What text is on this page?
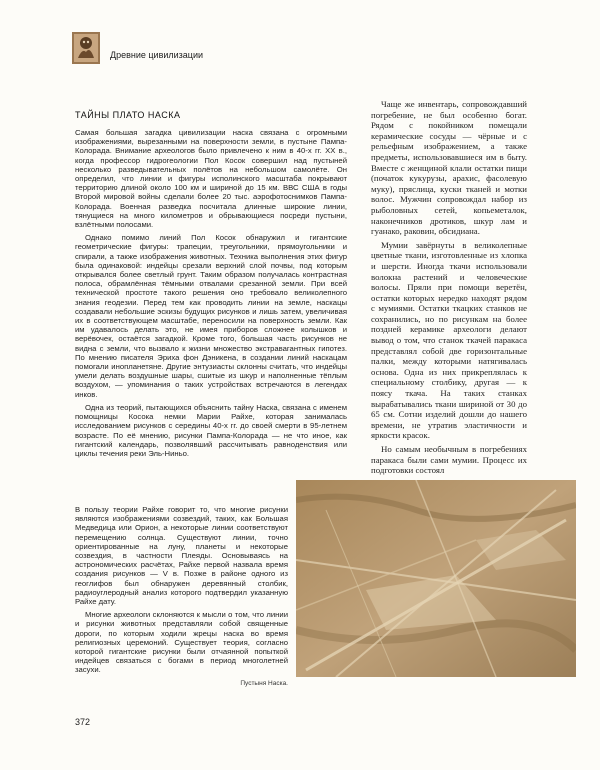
Древние цивилизации
ТАЙНЫ ПЛАТО НАСКА

Самая большая загадка цивилизации наска связана с огромными изображениями, вырезанными на поверхности земли, в пустыне Пампа-Колорада. Внимание археологов было привлечено к ним в 40-х гг. XX в., когда профессор гидрогеологии Пол Косок совершил над пустыней несколько разведывательных полётов на небольшом самолёте. Он определил, что линии и фигуры исполинского масштаба покрывают территорию длиной около 100 км и шириной до 15 км. ВВС США в годы Второй мировой войны сделали более 20 тыс. аэрофотоснимков Пампа-Колорада. Военная разведка посчитала длинные широкие линии, тянущиеся на много километров и обрывающиеся посреди пустыни, взлётными полосами.

Однако помимо линий Пол Косок обнаружил и гигантские геометрические фигуры: трапеции, треугольники, прямоугольники и спирали, а также изображения животных. Техника выполнения этих фигур была одинаковой: индейцы срезали верхний слой почвы, под которым открывался более светлый грунт. Таким образом получалась контрастная полоса, обрамлённая тёмными отвалами срезанной земли. При всей технической простоте такого решения оно требовало великолепного знания геодезии. Перед тем как проводить линии на земле, наскацы создавали небольшие эскизы будущих рисунков и лишь затем, увеличивая их в соответствующем масштабе, переносили на поверхность земли. Как им удавалось делать это, не имея приборов сложнее колышков и верёвочек, остаётся загадкой. Кроме того, большая часть рисунков не видна с земли, что вызвало к жизни множество экстравагантных гипотез. По мнению писателя Эриха фон Дэникена, в создании линий наскацам помогали инопланетяне. Другие энтузиасты склонны считать, что индейцы умели делать воздушные шары, сшитые из шкур и наполненные тёплым воздухом, — упоминания о таких устройствах встречаются в легендах инков.

Одна из теорий, пытающихся объяснить тайну Наска, связана с именем помощницы Косока немки Марии Райхе, которая занималась исследованием рисунков с середины 40-х гг. до своей смерти в 95-летнем возрасте. По её мнению, рисунки Пампа-Колорада — не что иное, как гигантский календарь, позволявший рассчитывать равноденствия или циклы течения реки Эль-Ниньо.

В пользу теории Райхе говорит то, что многие рисунки являются изображениями созвездий, таких, как Большая Медведица или Орион, а некоторые линии соответствуют перемещению солнца. Существуют линии, точно ориентированные на луну, планеты и некоторые созвездия, в частности Плеяды. Основываясь на астрономических расчётах, Райхе первой назвала время создания рисунков — V в. Позже в районе одного из геоглифов был обнаружен деревянный столбик, радиоуглеродный анализ которого подтвердил указанную Райхе дату.

Многие археологи склоняются к мысли о том, что линии и рисунки животных представляли собой священные дороги, по которым ходили жрецы наска во время религиозных церемоний. Существует теория, согласно которой гигантские рисунки были отчаянной попыткой индейцев связаться с богами в период многолетней засухи.

Чаще же инвентарь, сопровождавший погребение, не был особенно богат. Рядом с покойником помещали керамические сосуды — чёрные и с рельефным изображением, а также предметы, использовавшиеся им в быту. Вместе с женщиной клали остатки пищи (початок кукурузы, арахис, фасолевую муку), пряслица, куски тканей и мотки волос. Мужчин сопровождал набор из рыболовных сетей, копьеметалок, наконечников дротиков, шкур лам и гуанако, раковин, обсидиана.

Мумии завёрнуты в великолепные цветные ткани, изготовленные из хлопка и шерсти. Иногда ткачи использовали волокна растений и человеческие волосы. Пряли при помощи веретён, остатки которых нередко находят рядом с мумиями. Остатки ткацких станков не сохранились, но по рисункам на более поздней керамике археологи делают вывод о том, что станок ткачей паракаса представлял собой две горизонтальные палки, между которыми натягивалась основа. Одна из них прикреплялась к специальному столбику, другая — к поясу ткача. На таких станках вырабатывались ткани шириной от 30 до 65 см. Сотни изделий дошли до нашего времени, не утратив эластичности и яркости красок.

Но самым необычным в погребениях паракаса были сами мумии. Процесс их подготовки состоял

Пустыня Наска.
372
